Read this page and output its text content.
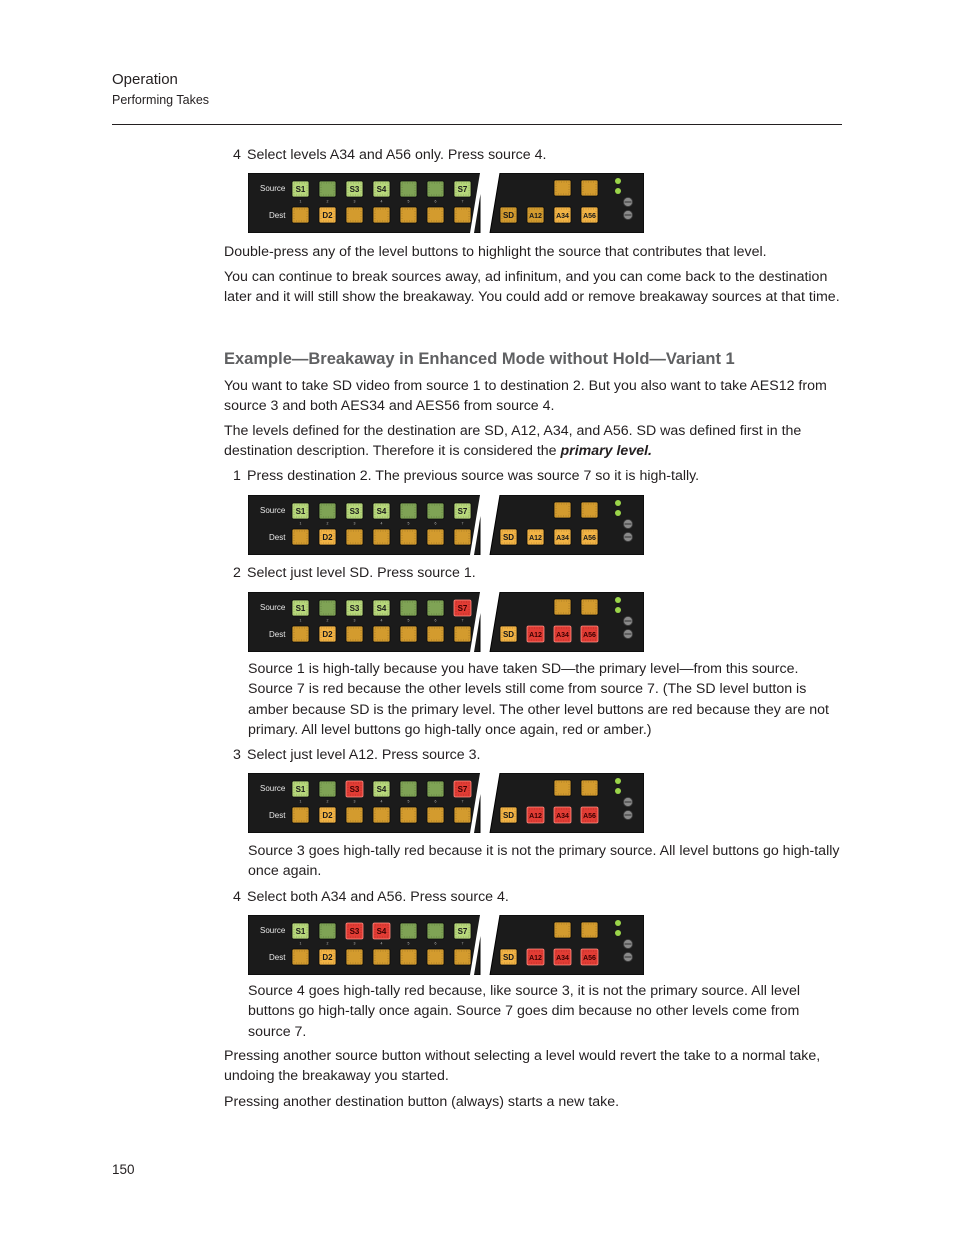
Operation
Performing Takes
4 Select levels A34 and A56 only. Press source 4.
Source
Dest
S1
1	2
S3
3
S4
4	5	6
S7
7
D2	SD A12 A34 A56
Double-press any of the level buttons to highlight the source that contributes that level.
You can continue to break sources away, ad infinitum, and you can come back to the destination later and it will still show the breakaway. You could add or remove breakaway sources at that time.
Example—Breakaway in Enhanced Mode without Hold—Variant 1
You want to take SD video from source 1 to destination 2. But you also want to take AES12 from source 3 and both AES34 and AES56 from source 4.
The levels defined for the destination are SD, A12, A34, and A56. SD was defined first in the destination description. Therefore it is considered the primary level.
1 Press destination 2. The previous source was source 7 so it is high-tally.
Source
Dest
S1
1	2
S3
3
S4
4	5	6
S7
7
D2	SD A12 A34 A56
2 Select just level SD. Press source 1.
Source
Dest
S1
1	2
S3
3
S4
4	5	6
S7
7
D2	SD A12 A34 A56
Source 1 is high-tally because you have taken SD—the primary level—from this source. Source 7 is red because the other levels still come from source 7. (The SD level button is amber because SD is the primary level. The other level buttons are red because they are not primary. All level buttons go high-tally once again, red or amber.)
3 Select just level A12. Press source 3.
Source
Dest
S1
1	2
S3
3
S4
4	5	6
S7
7
D2	SD A12 A34 A56
Source 3 goes high-tally red because it is not the primary source. All level buttons go high-tally once again.
4 Select both A34 and A56. Press source 4.
Source
Dest
S1
1	2
S3
3
S4
4	5	6
S7
7
D2	SD A12 A34 A56
Source 4 goes high-tally red because, like source 3, it is not the primary source. All level buttons go high-tally once again. Source 7 goes dim because no other levels come from source 7.
Pressing another source button without selecting a level would revert the take to a normal take, undoing the breakaway you started.
Pressing another destination button (always) starts a new take.
150
